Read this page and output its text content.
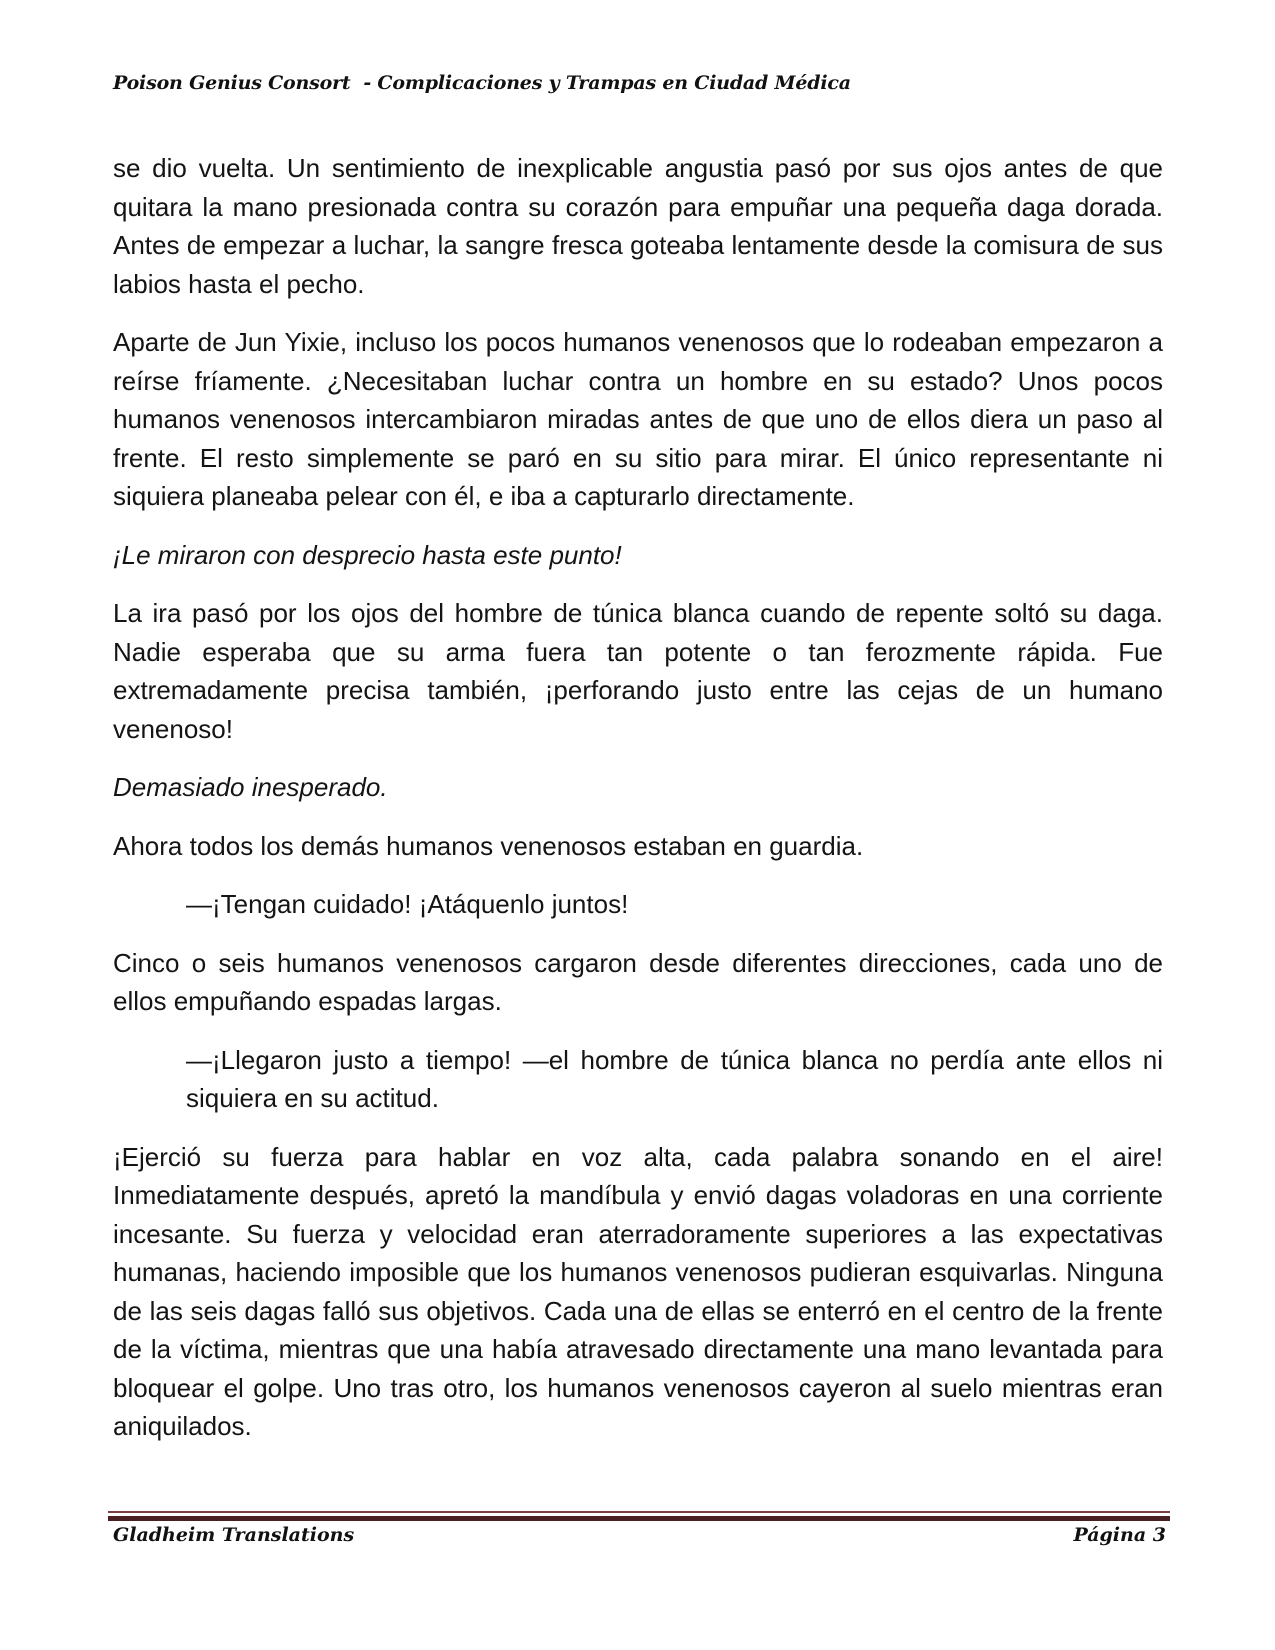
Poison Genius Consort  - Complicaciones y Trampas en Ciudad Médica

se dio vuelta. Un sentimiento de inexplicable angustia pasó por sus ojos antes de que quitara la mano presionada contra su corazón para empuñar una pequeña daga dorada. Antes de empezar a luchar, la sangre fresca goteaba lentamente desde la comisura de sus labios hasta el pecho.

Aparte de Jun Yixie, incluso los pocos humanos venenosos que lo rodeaban empezaron a reírse fríamente. ¿Necesitaban luchar contra un hombre en su estado? Unos pocos humanos venenosos intercambiaron miradas antes de que uno de ellos diera un paso al frente. El resto simplemente se paró en su sitio para mirar. El único representante ni siquiera planeaba pelear con él, e iba a capturarlo directamente.

¡Le miraron con desprecio hasta este punto!

La ira pasó por los ojos del hombre de túnica blanca cuando de repente soltó su daga. Nadie esperaba que su arma fuera tan potente o tan ferozmente rápida. Fue extremadamente precisa también, ¡perforando justo entre las cejas de un humano venenoso!

Demasiado inesperado.

Ahora todos los demás humanos venenosos estaban en guardia.

—¡Tengan cuidado! ¡Atáquenlo juntos!

Cinco o seis humanos venenosos cargaron desde diferentes direcciones, cada uno de ellos empuñando espadas largas.

—¡Llegaron justo a tiempo! —el hombre de túnica blanca no perdía ante ellos ni siquiera en su actitud.

¡Ejerció su fuerza para hablar en voz alta, cada palabra sonando en el aire! Inmediatamente después, apretó la mandíbula y envió dagas voladoras en una corriente incesante. Su fuerza y velocidad eran aterradoramente superiores a las expectativas humanas, haciendo imposible que los humanos venenosos pudieran esquivarlas. Ninguna de las seis dagas falló sus objetivos. Cada una de ellas se enterró en el centro de la frente de la víctima, mientras que una había atravesado directamente una mano levantada para bloquear el golpe. Uno tras otro, los humanos venenosos cayeron al suelo mientras eran aniquilados.

Gladheim Translations	Página 3
